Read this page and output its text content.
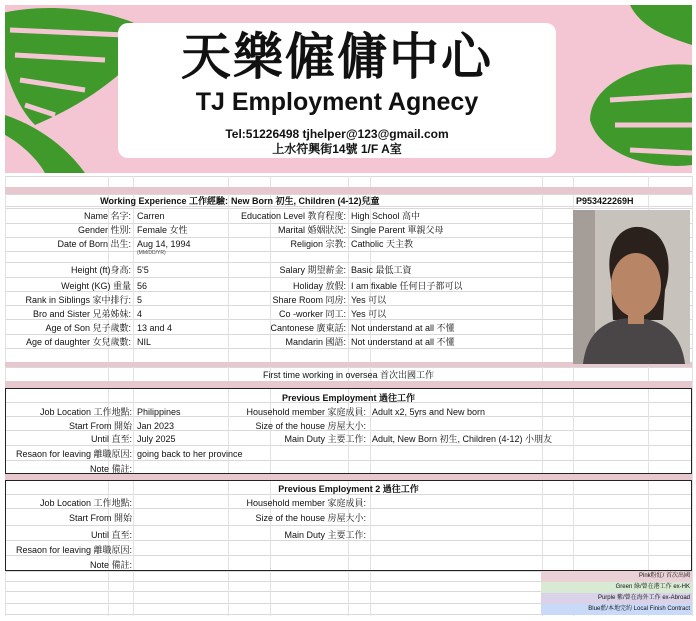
天樂僱傭中心
TJ Employment Agnecy
Tel:51226498 tjhelper@123@gmail.com
上水符興街14號 1/F A室
Working Experience 工作經驗: New Born 初生, Children (4-12)兒童	P953422269H
Name 名字: Carren
Gender 性別: Female 女性
Date of Born 出生: Aug 14, 1994
Height (ft)身高: 5'5
Weight (KG) 重量 56
Rank in Siblings 家中排行: 5
Bro and Sister 兄弟姊妹: 4
Age of Son 兒子歲數: 13 and 4
Age of daughter 女兒歲數: NIL
Education Level 教育程度: High School 高中
Marital 婚姻狀況: Single Parent 單親父母
Religion 宗教: Catholic 天主教
Salary 期望薪金: Basic 最低工資
Holiday 放假: I am fixable 任何日子都可以
Share Room 同房: Yes 可以
Co -worker 同工: Yes 可以
Cantonese 廣東話: Not understand at all 不懂
Mandarin 國語: Not understand at all 不懂
(MM/DD/YR)
First time working in oversea 首次出國工作
Previous Employment 過往工作
Job Location 工作地點: Philippines
Start From 開始 Jan 2023
Until 直至: July 2025
Resaon for leaving 離職原因: going back to her province
Note 備註:
Household member 家庭成員: Adult x2, 5yrs and New born
Size of the house 房屋大小:
Main Duty 主要工作: Adult, New Born 初生, Children (4-12) 小朋友
Previous Employment 2 過往工作
Job Location 工作地點:
Start From 開始
Until 直至:
Resaon for leaving 離職原因:
Note 備註:
Household member 家庭成員:
Size of the house 房屋大小:
Main Duty 主要工作:
Pink粉紅/ 首次出國
Green 綠/曾在港工作 ex-HK
Purple 紫/曾在海外工作 ex-Abroad
Blue藍/本地完約 Local Finish Contract
